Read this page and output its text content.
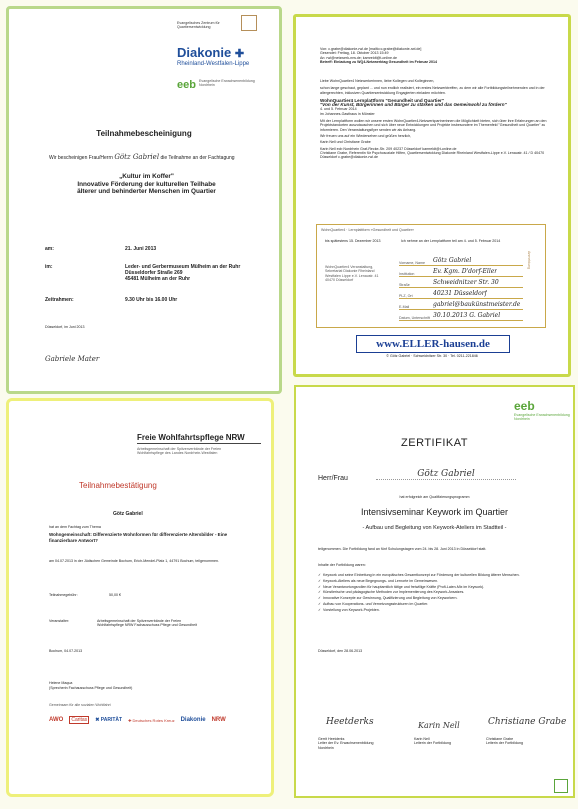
Evangelisches Zentrum für Quartiersentwicklung
Diakonie ✚
Rheinland-Westfalen-Lippe
eeb Evangelische Erwachsenenbildung Nordrhein
Teilnahmebescheinigung
Wir bescheinigen Frau/Herrn Götz Gabriel die Teilnahme an der Fachtagung
„Kultur im Koffer"
Innovative Förderung der kulturellen Teilhabe
älterer und behinderter Menschen im Quartier
am:	21. Juni 2013
im:	Leder- und Gerbermuseum Mülheim an der Ruhr
Düsseldorfer Straße 269
45481 Mülheim an der Ruhr
Zeitrahmen:	9.30 Uhr bis 16.00 Uhr
Düsseldorf, im Juni 2013
Gabriele Mater
Von: c.grabe@diakonie-rwl.de [mailto:c.grabe@diakonie-rwl.de]
Gesendet: Freitag, 18. Oktober 2013 15:49
An: rwl@netzwerk-nrw.de; kamreldt@t-online.de
Betreff: Einladung zu WQ4-Netzwerktag Gesundheit im Februar 2014
Liebe WohnQuartier4 Netzwerkerinnen, liebe Kollegen und Kolleginnen,
schon lange geschaut, geplant ... und nun endlich realisiert, ein erstes Netzwerktreffen, zu dem wir alle Fortbildungsteilnehmenden und in der allergerechten, inklusiven Quartiersentwicklung Engagierten einladen möchten.
WohnQuartier4 Lernplattform "Gesundheit und Quartier"
"Von der Kunst, Bürgerinnen und Bürger zu stärken und das Gemeinwohl zu fördern"
4. und 5. Februar 2014
im Johannes-Gasthaus in Münster
Mit der Lernplattform wollen wir unsere ersten WohnQuartier4-Netzwerkpartnerinnen die Möglichkeit bieten, sich über ihre Erfahrungen an den Projektstandorten auszutauschen und sich über neue Entwicklungen und Projekte insbesondere im Themenfeld "Gesundheit und Quartier" zu informieren. Den Veranstaltungsflyer senden wir als Anhang.
Wir freuen uns auf ein Wiedersehen und grüßen herzlich,
Karin Nell und Christiane Grabe
Karin Nell ecb Nordrhein Graf-Recke-Str. 209 40237 Düsseldorf kamreldt@t-online.de
Christiane Grabe, Referentin für Psychosoziale Hilfen, Quartiersentwicklung Diakonie Rheinland Westfalen-Lippe e.V. Lenaustr. 41 / D 40470 Düsseldorf c.grabe@diakonie-rwl.de
WohnQuartier4 · Lernplattform »Gesundheit und Quartier«
Anmeldung
bis spätestens 15. Dezember 2013	Ich nehme an der Lernplattform teil am 4. und 5. Februar 2014
WohnQuartier4 Veranstaltung, Sekretariat Diakonie Rheinland Westfalen Lippe e.V. Lenaustr. 41 40470 Düsseldorf
Vorname, Name	Götz Gabriel
Institution	Ev. Kgm. D'dorf-Eller
Straße	Schweidnitzer Str. 30
PLZ, Ort	40231 Düsseldorf
E-Mail	gabriel@baukünstmeister.de
Datum, Unterschrift 30.10.2013 G. Gabriel
www.ELLER-hausen.de
© Götz Gabriel · Schweidnitzer Str. 30 · Tel. 0211-221846
Freie Wohlfahrtspflege NRW
Arbeitsgemeinschaft der Spitzenverbände der Freien Wohlfahrtspflege des Landes Nordrhein-Westfalen
Teilnahmebestätigung
Götz Gabriel
hat an dem Fachtag zum Thema
Wohngemeinschaft: Differenzierte Wohnformen für differenzierte Altersbilder - Eine finanzierbare Antwort?
am 04.07.2013 in der Jüdischen Gemeinde Bochum, Erich-Mendel-Platz 1, 44791 Bochum, teilgenommen.
Teilnahmegebühr:	50,00 €
Veranstalter:	Arbeitsgemeinschaft der Spitzenverbände der Freien Wohlfahrtspflege NRW Fachausschuss Pflege und Gesundheit
Bochum, 04.07.2013
Helene Maqua
(Sprecherin Fachausschuss Pflege und Gesundheit)
Gemeinsam für alle sozialen Wohlfahrt
AWO	Caritas	✖ PARITÄT ✚ Deutsches Rotes Kreuz Diakonie NRW
eeb
Evangelische Erwachsenenbildung Nordrhein
ZERTIFIKAT
Herr/Frau	Götz Gabriel
hat erfolgreich am Qualifizierungsprogramm
Intensivseminar Keywork im Quartier
- Aufbau und Begleitung von Keywork-Ateliers im Stadtteil -
teilgenommen. Die Fortbildung fand an fünf Schulungstagen vom 24. bis 28. Juni 2013 in Düsseldorf statt.
Inhalte der Fortbildung waren:
✓ Keywork und seine Einbettung in ein europäisches Gesamtkonzept zur Förderung der kulturellen Bildung älterer Menschen.
✓ Keywork-Ateliers als neue Begegnungs- und Lernorte im Gemeinwesen.
✓ Neue Verantwortungsrollen für hauptamtlich tätige und freiwillige Kräfte (Profi-Laien-Mix im Keywork).
✓ Künstlerische und pädagogische Methoden zur Implementierung des Keywork-Ansatzes.
✓ Innovative Konzepte zur Gewinnung, Qualifizierung und Begleitung von Keyworkern.
✓ Aufbau von Kooperations- und Vernetzungsstrukturen im Quartier.
✓ Vorstellung von Keywork-Projekten.
Düsseldorf, den 28.06.2013
Heetderks	Karin Nell	Christiane Grabe
Gerrit Heetderks
Leiter der Ev. Erwachsenenbildung Nordrhein
Karin Nell
Leiterin der Fortbildung
Christiane Grabe
Leiterin der Fortbildung
